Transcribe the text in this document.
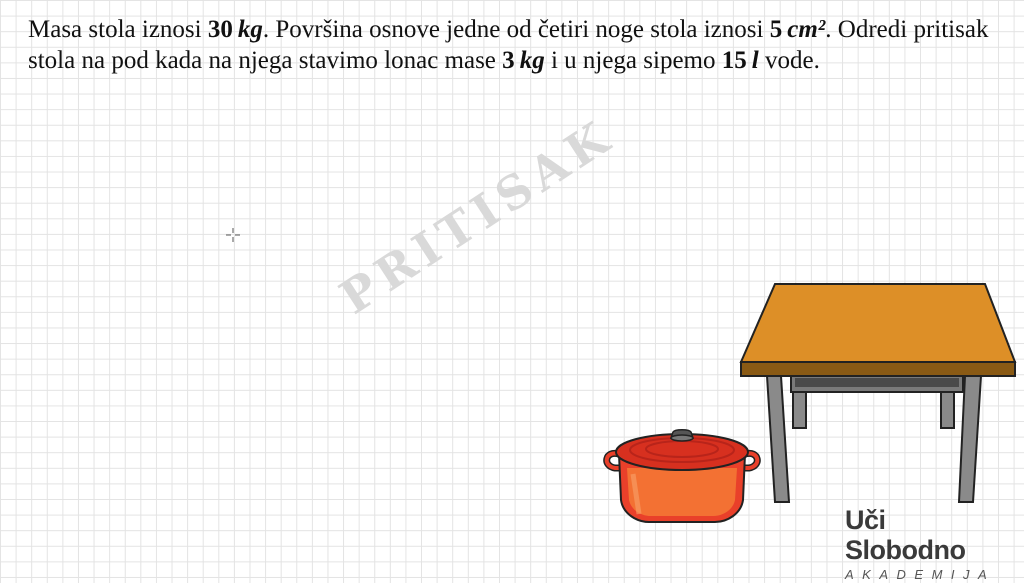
Masa stola iznosi 30  kg. Površina osnove jedne od četiri noge stola iznosi 5  cm². Odredi pritisak stola na pod kada na njega stavimo lonac mase 3  kg i u njega sipemo 15  l vode.
PRITISAK
Uči Slobodno
AKADEMIJA
